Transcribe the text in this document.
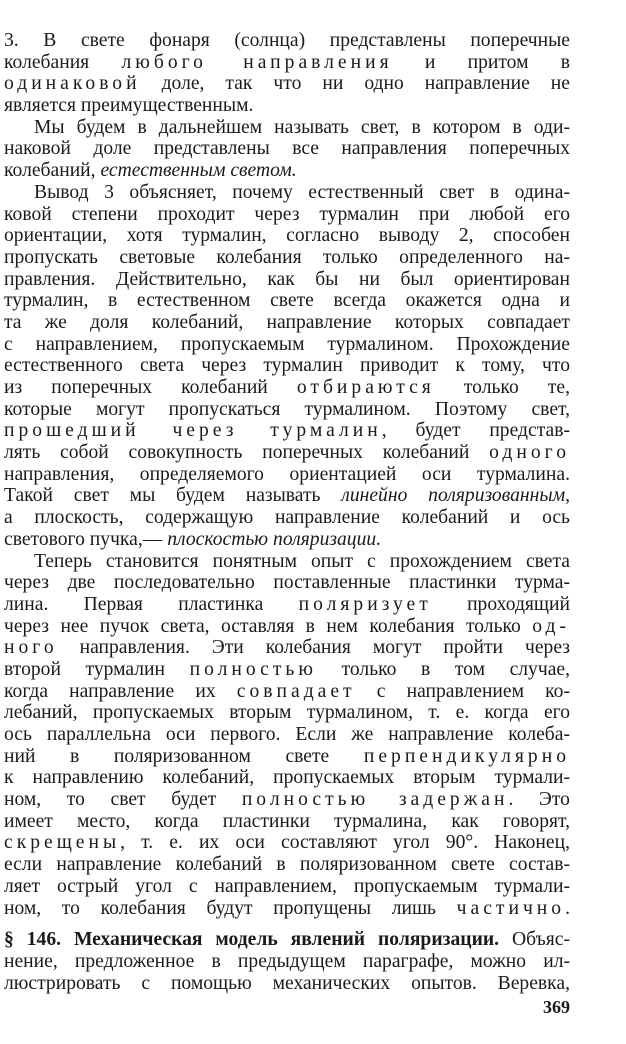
3. В свете фонаря (солнца) представлены поперечные
колебания любого направления и притом в
одинаковой доле, так что ни одно направление не
является преимущественным.
Мы будем в дальнейшем называть свет, в котором в оди-
наковой доле представлены все направления поперечных
колебаний, естественным светом.
Вывод 3 объясняет, почему естественный свет в одина-
ковой степени проходит через турмалин при любой его
ориентации, хотя турмалин, согласно выводу 2, способен
пропускать световые колебания только определенного на-
правления. Действительно, как бы ни был ориентирован
турмалин, в естественном свете всегда окажется одна и
та же доля колебаний, направление которых совпадает
с направлением, пропускаемым турмалином. Прохождение
естественного света через турмалин приводит к тому, что
из поперечных колебаний отбираются только те,
которые могут пропускаться турмалином. Поэтому свет,
прошедший через турмалин, будет представ-
лять собой совокупность поперечных колебаний одного
направления, определяемого ориентацией оси турмалина.
Такой свет мы будем называть линейно поляризованным,
а плоскость, содержащую направление колебаний и ось
светового пучка,— плоскостью поляризации.
Теперь становится понятным опыт с прохождением света
через две последовательно поставленные пластинки турма-
лина. Первая пластинка поляризует проходящий
через нее пучок света, оставляя в нем колебания только од-
ного направления. Эти колебания могут пройти через
второй турмалин полностью только в том случае,
когда направление их совпадает с направлением ко-
лебаний, пропускаемых вторым турмалином, т. е. когда его
ось параллельна оси первого. Если же направление колеба-
ний в поляризованном свете перпендикулярно
к направлению колебаний, пропускаемых вторым турмали-
ном, то свет будет полностью задержан. Это
имеет место, когда пластинки турмалина, как говорят,
скрещены, т. е. их оси составляют угол 90°. Наконец,
если направление колебаний в поляризованном свете состав-
ляет острый угол с направлением, пропускаемым турмали-
ном, то колебания будут пропущены лишь частично.
§ 146. Механическая модель явлений поляризации. Объяс-
нение, предложенное в предыдущем параграфе, можно ил-
люстрировать с помощью механических опытов. Веревка,
369
